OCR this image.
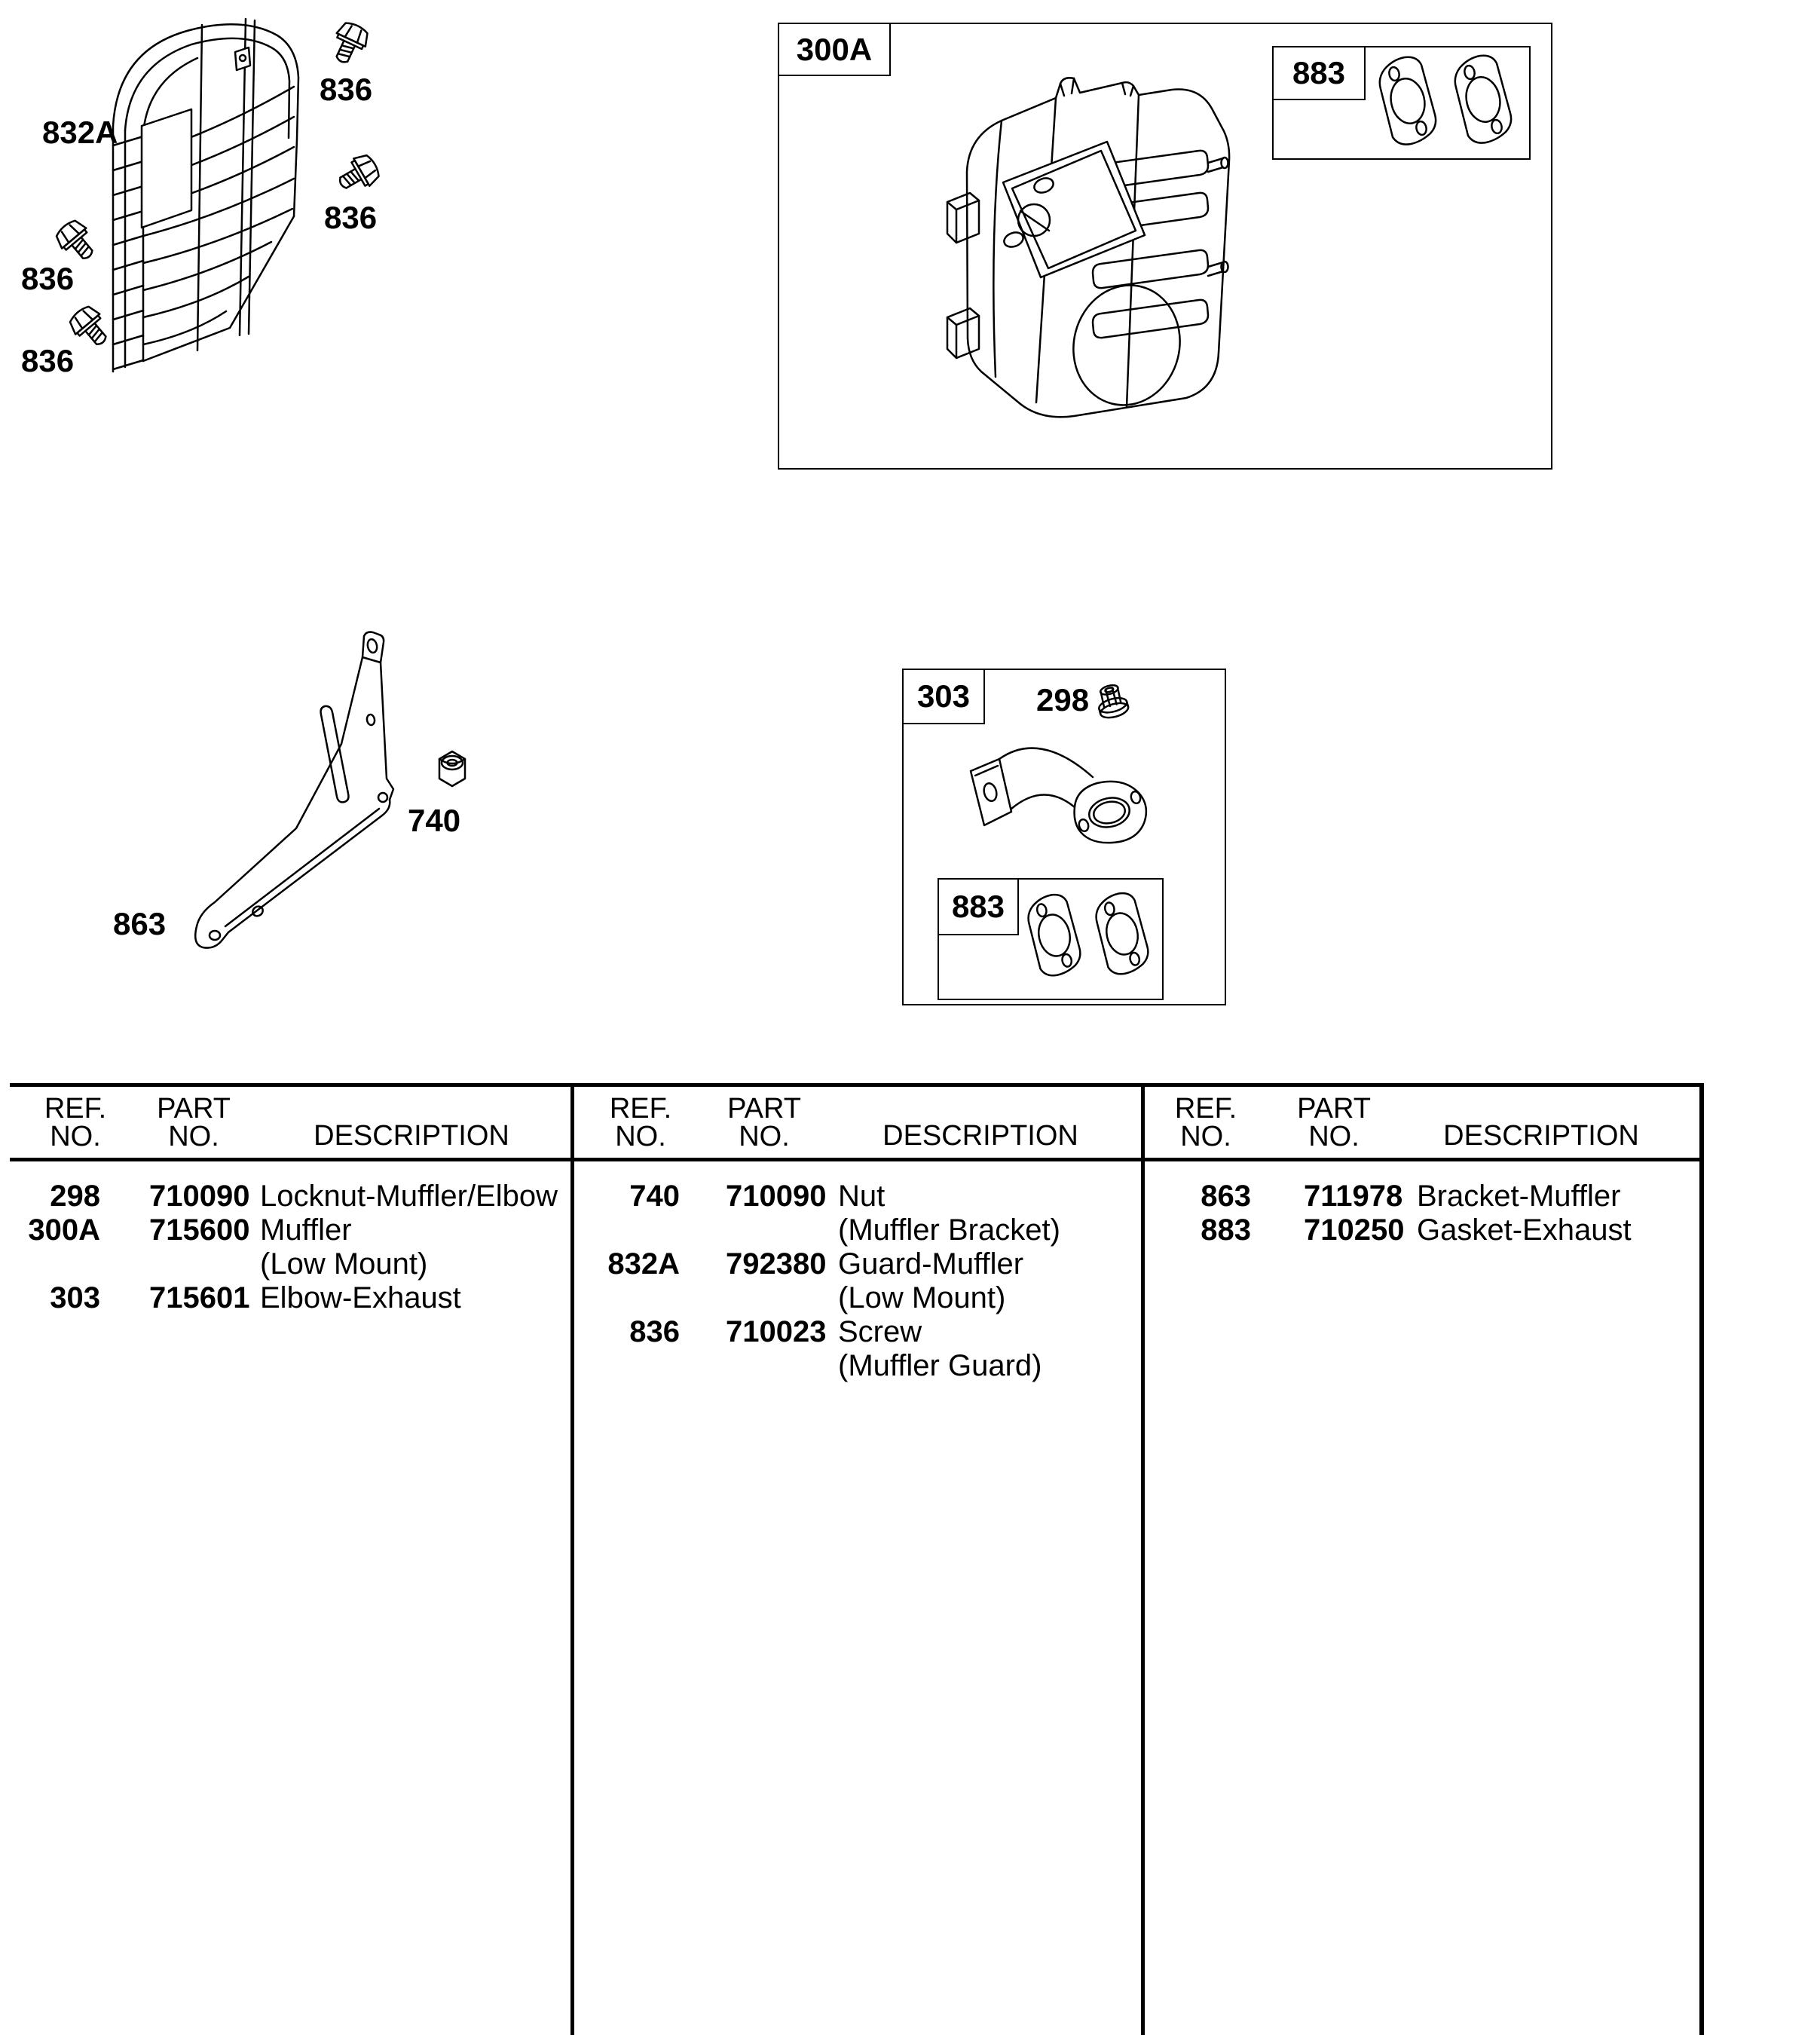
832A
836
836
836
836
300A
883
863
740
303 298
883
REF.
NO.
PART
NO.	DESCRIPTION
REF.
NO.
PART
NO.	DESCRIPTION
REF.
NO.
PART
NO.	DESCRIPTION
298 710090 Locknut-Muffler/Elbow
300A 715600 Muffler
(Low Mount)
303 715601 Elbow-Exhaust
740 710090 Nut
(Muffler Bracket)
832A 792380 Guard-Muffler
(Low Mount)
836 710023 Screw
(Muffler Guard)
863 711978 Bracket-Muffler
883 710250 Gasket-Exhaust
